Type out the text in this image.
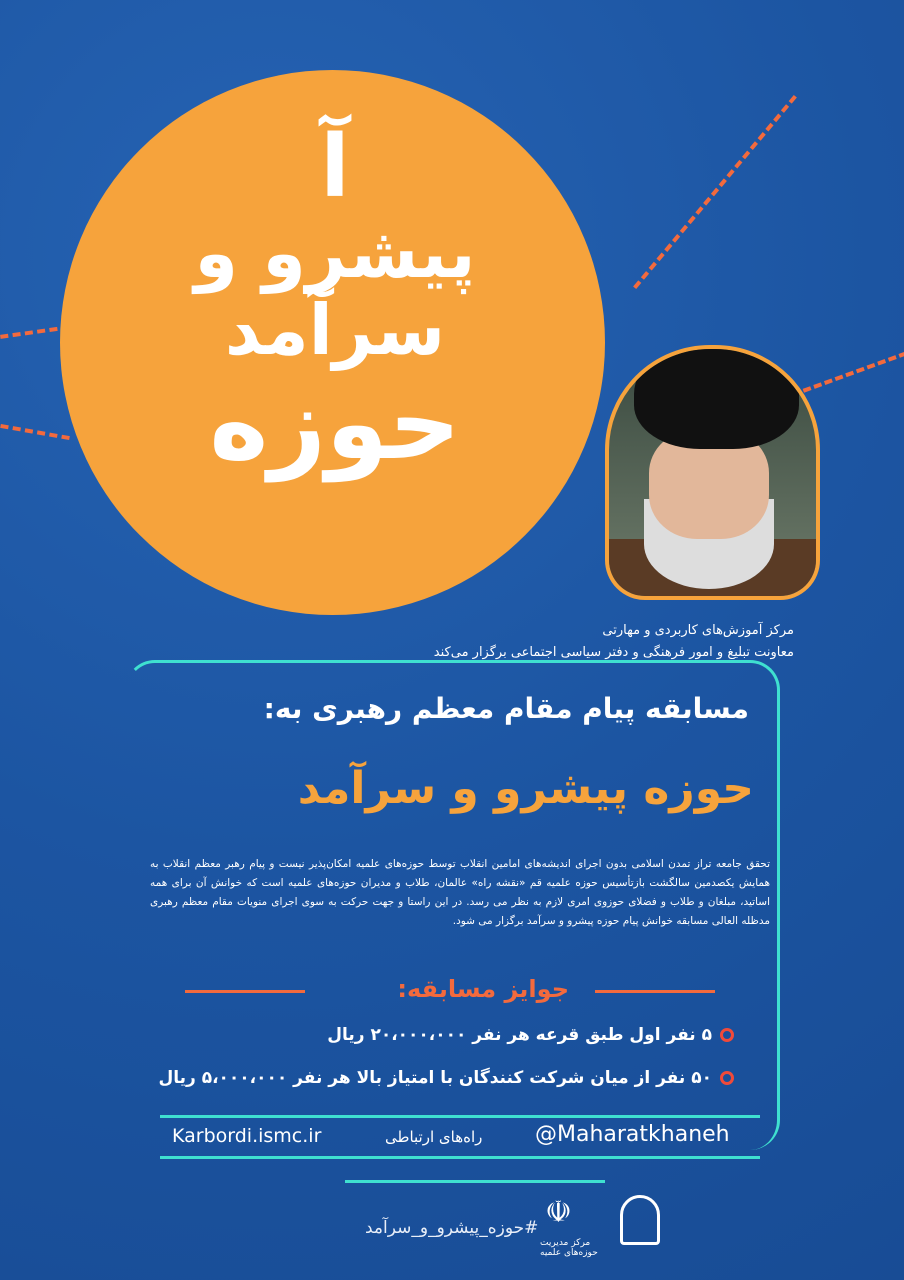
آ
پیشرو و سرآمد
حوزه
مرکز آموزش‌های کاربردی و مهارتی
معاونت تبلیغ و امور فرهنگی و دفتر سیاسی اجتماعی برگزار می‌کند
مسابقه پیام مقام معظم رهبری به:
حوزه پیشرو و سرآمد
تحقق جامعه تراز تمدن اسلامی بدون اجرای اندیشه‌های امامین انقلاب توسط حوزه‌های علمیه امکان‌پذیر نیست و پیام رهبر معظم انقلاب به همایش یکصدمین سالگشت بازتأسیس حوزه علمیه قم «نقشه راه» عالمان، طلاب و مدیران حوزه‌های علمیه است که خوانش آن برای همه اساتید، مبلغان و طلاب و فضلای حوزوی امری لازم به نظر می رسد. در این راستا و جهت حرکت به سوی اجرای منویات مقام معظم رهبری مدظله العالی مسابقه خوانش پیام حوزه پیشرو و سرآمد برگزار می شود.
جوایز مسابقه:
۵ نفر اول طبق قرعه هر نفر ۲۰،۰۰۰،۰۰۰ ریال
۵۰ نفر از میان شرکت کنندگان با امتیاز بالا هر نفر ۵،۰۰۰،۰۰۰ ریال
Karbordi.ismc.ir	راه‌های ارتباطی @Maharatkhaneh
#حوزه_پیشرو_و_سرآمد ☫
مرکز مدیریت حوزه‌های علمیه
